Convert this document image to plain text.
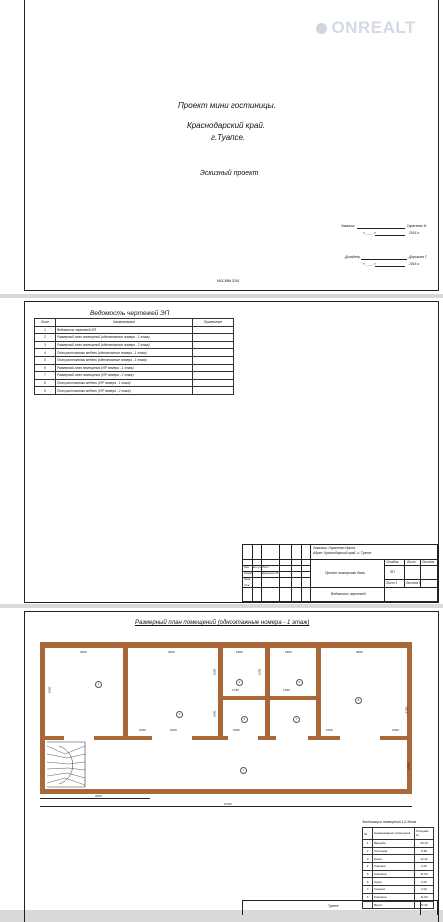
ONREALT
Проект мини гостиницы.
Краснодарский край.
г.Туапсе.
Эскизный проект
Заказчик	Гарасенко И.
« ____ »	2016 г.
Дизайнер	Дорогина Г.
« ____ »	2016 г.
МОСКВА 2016
Ведомость чертежей ЭП
Лист	Наименование	Примечание
1	Ведомость чертежей ЭП	
2	Размерный план помещений (одноэтажные номера - 1 этаж)	
3	Размерный план помещений (одноэтажные номера - 2 этаж)	
4	План расстановки мебели (одноэтажные номера - 1 этаж)	
5	План расстановки мебели (одноэтажные номера - 1 этаж)	
6	Размерный план помещения (VIP номера - 1 этаж)	
7	Размерный план помещения (VIP номера - 2 этаж)	
8	План расстановки мебели (VIP номера - 1 этаж)	
9	План расстановки мебели (VIP номера - 2 этаж)	
Заказчик: Гарасенко Ирина
Адрес: Краснодарский край, г. Туапсе
Проект планировки дома
Стадия	Лист Листов
ЭП
Лист 1	Листов 9
Ведомость чертежей
Изм. Кол.уч. Лист
Разраб.	Дорогина Г.В.
Пров.
Утв.
Размерный план помещений (одноэтажные номера - 1 этаж)
3000	3550	1800	1800	3500
2550
1500	1500
1800
1000	1000	1000	1000	1000
5700
1730	1780
1850
2500
9.600
2
3
4	5
6	7
8
1
Экспликация помещений 1-й Этаж
№	Наименование помещения	Площадь м²
1	Веранда	26.10
2	Гостиная	8.90
3	Кухня	12.42
4	Спальня	2.02
5	Комната	11.63
6	Кухня	2.02
7	Санузел	2.02
8	Комната	11.63
	Всего:	71.92
Туапсе
